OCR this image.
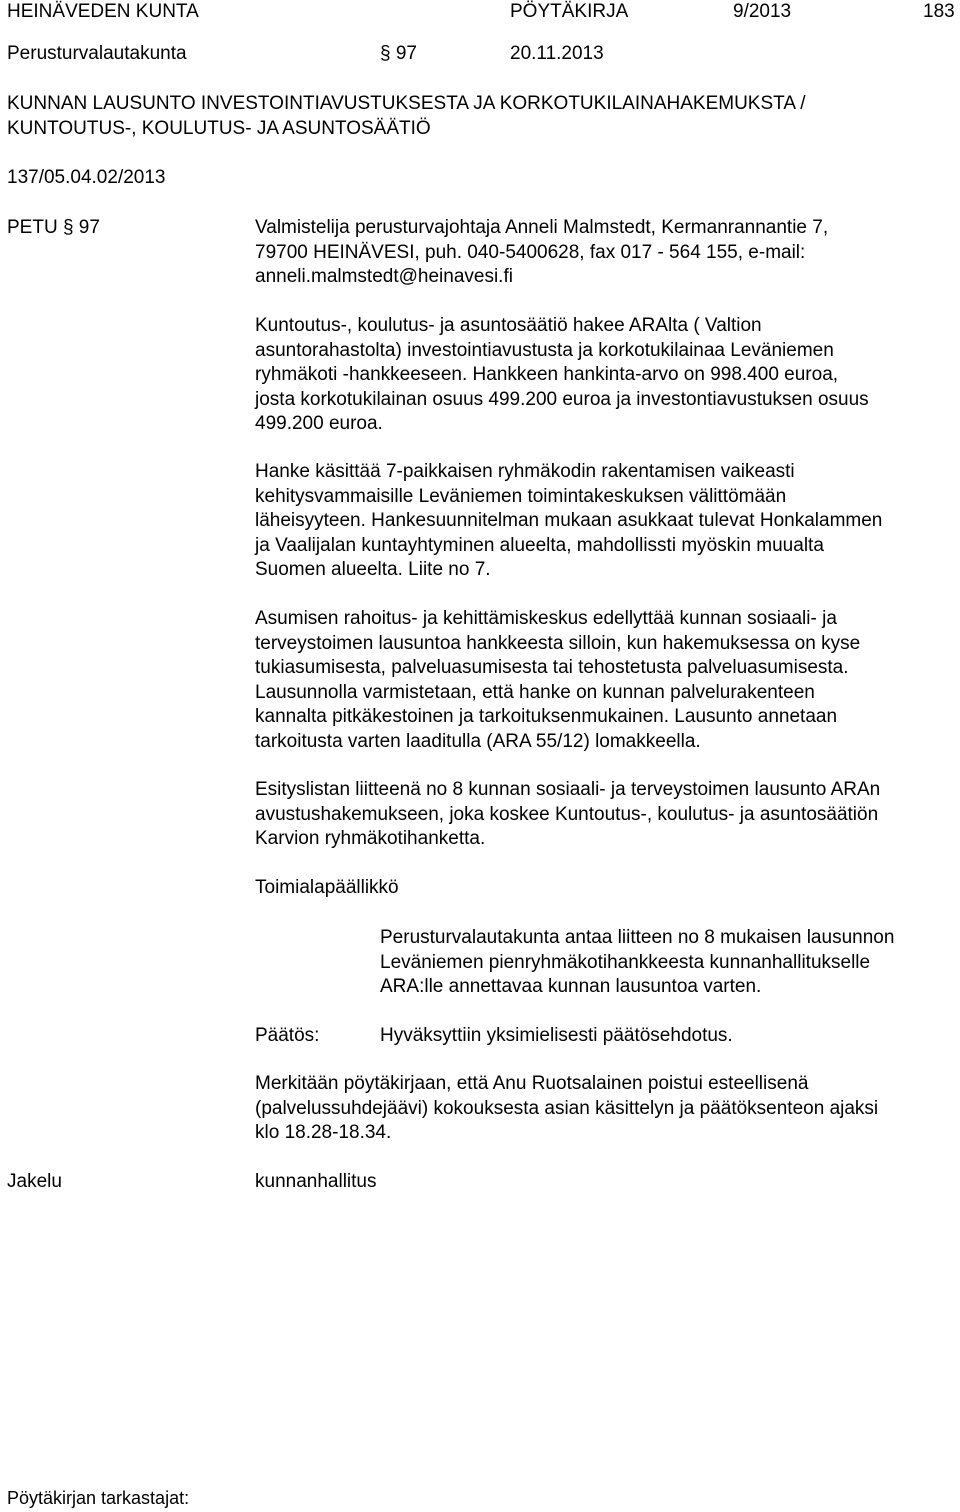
HEINÄVEDEN KUNTA	PÖYTÄKIRJA	9/2013	183
Perusturvalautakunta	§ 97	20.11.2013
KUNNAN LAUSUNTO INVESTOINTIAVUSTUKSESTA JA KORKOTUKILAINAHAKEMUKSTA /
KUNTOUTUS-, KOULUTUS- JA ASUNTOSÄÄTIÖ
137/05.04.02/2013
PETU § 97	Valmistelija perusturvajohtaja Anneli Malmstedt, Kermanrannantie 7,
79700 HEINÄVESI, puh. 040-5400628, fax 017 - 564 155, e-mail:
anneli.malmstedt@heinavesi.fi
Kuntoutus-, koulutus- ja asuntosäätiö hakee ARAlta ( Valtion
asuntorahastolta) investointiavustusta ja korkotukilainaa Leväniemen
ryhmäkoti -hankkeeseen. Hankkeen hankinta-arvo on 998.400 euroa,
josta korkotukilainan osuus 499.200 euroa ja investontiavustuksen osuus
499.200 euroa.
Hanke käsittää 7-paikkaisen ryhmäkodin rakentamisen vaikeasti
kehitysvammaisille Leväniemen toimintakeskuksen välittömään
läheisyyteen. Hankesuunnitelman mukaan asukkaat tulevat Honkalammen
ja Vaalijalan kuntayhtyminen alueelta, mahdollissti myöskin muualta
Suomen alueelta. Liite no 7.
Asumisen rahoitus- ja kehittämiskeskus edellyttää kunnan sosiaali- ja
terveystoimen lausuntoa hankkeesta silloin, kun hakemuksessa on kyse
tukiasumisesta, palveluasumisesta tai tehostetusta palveluasumisesta.
Lausunnolla varmistetaan, että hanke on kunnan palvelurakenteen
kannalta pitkäkestoinen ja tarkoituksenmukainen. Lausunto annetaan
tarkoitusta varten laaditulla (ARA 55/12) lomakkeella.
Esityslistan liitteenä no 8 kunnan sosiaali- ja terveystoimen lausunto ARAn
avustushakemukseen, joka koskee Kuntoutus-, koulutus- ja asuntosäätiön
Karvion ryhmäkotihanketta.
Toimialapäällikkö
Perusturvalautakunta antaa liitteen no 8 mukaisen lausunnon
Leväniemen pienryhmäkotihankkeesta kunnanhallitukselle
ARA:lle annettavaa kunnan lausuntoa varten.
Päätös:	Hyväksyttiin yksimielisesti päätösehdotus.
Merkitään pöytäkirjaan, että Anu Ruotsalainen poistui esteellisenä
(palvelussuhdejäävi) kokouksesta asian käsittelyn ja päätöksenteon ajaksi
klo 18.28-18.34.
Jakelu	kunnanhallitus
Pöytäkirjan tarkastajat:
